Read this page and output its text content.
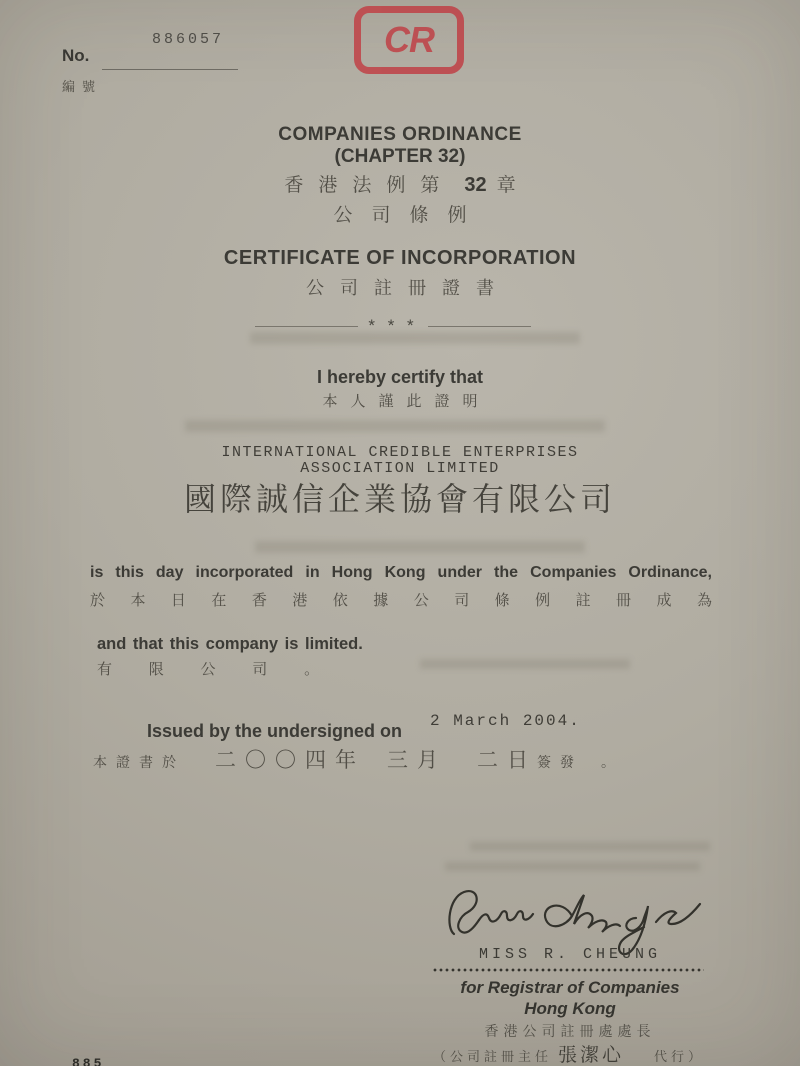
886057
No.
編號
CR
COMPANIES ORDINANCE
(CHAPTER 32)
香港法例第 32 章
公司條例
CERTIFICATE OF INCORPORATION
公司註冊證書
* * *
I hereby certify that
本人謹此證明
INTERNATIONAL CREDIBLE ENTERPRISES
ASSOCIATION LIMITED
國際誠信企業協會有限公司
is this day incorporated in Hong Kong under the Companies Ordinance,
於 本 日 在 香 港 依 據 公 司 條 例 註 冊 成 為
and that this company is limited.
有 限 公 司 。
Issued by the undersigned on 2 March 2004.
本證書於 二〇〇四年 三月 二日 簽發 。
MISS R. CHEUNG
for Registrar of Companies
Hong Kong
香港公司註冊處處長
（公司註冊主任 張潔心 代行）
885
